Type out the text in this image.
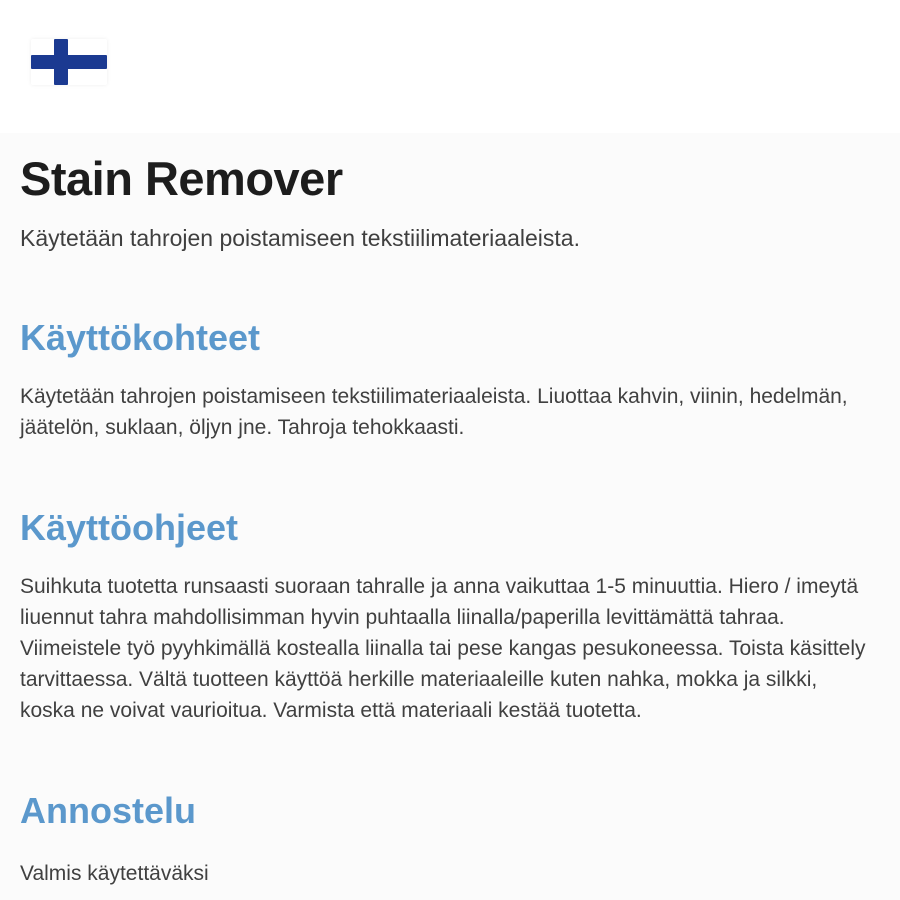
Stain Remover

Käytetään tahrojen poistamiseen tekstiilimateriaaleista.

Käyttökohteet

Käytetään tahrojen poistamiseen tekstiilimateriaaleista. Liuottaa kahvin, viinin, hedelmän, jäätelön, suklaan, öljyn jne. Tahroja tehokkaasti.

Käyttöohjeet

Suihkuta tuotetta runsaasti suoraan tahralle ja anna vaikuttaa 1-5 minuuttia. Hiero / imeytä liuennut tahra mahdollisimman hyvin puhtaalla liinalla/paperilla levittämättä tahraa. Viimeistele työ pyyhkimällä kostealla liinalla tai pese kangas pesukoneessa. Toista käsittely tarvittaessa. Vältä tuotteen käyttöä herkille materiaaleille kuten nahka, mokka ja silkki, koska ne voivat vaurioitua. Varmista että materiaali kestää tuotetta.

Annostelu

Valmis käytettäväksi
